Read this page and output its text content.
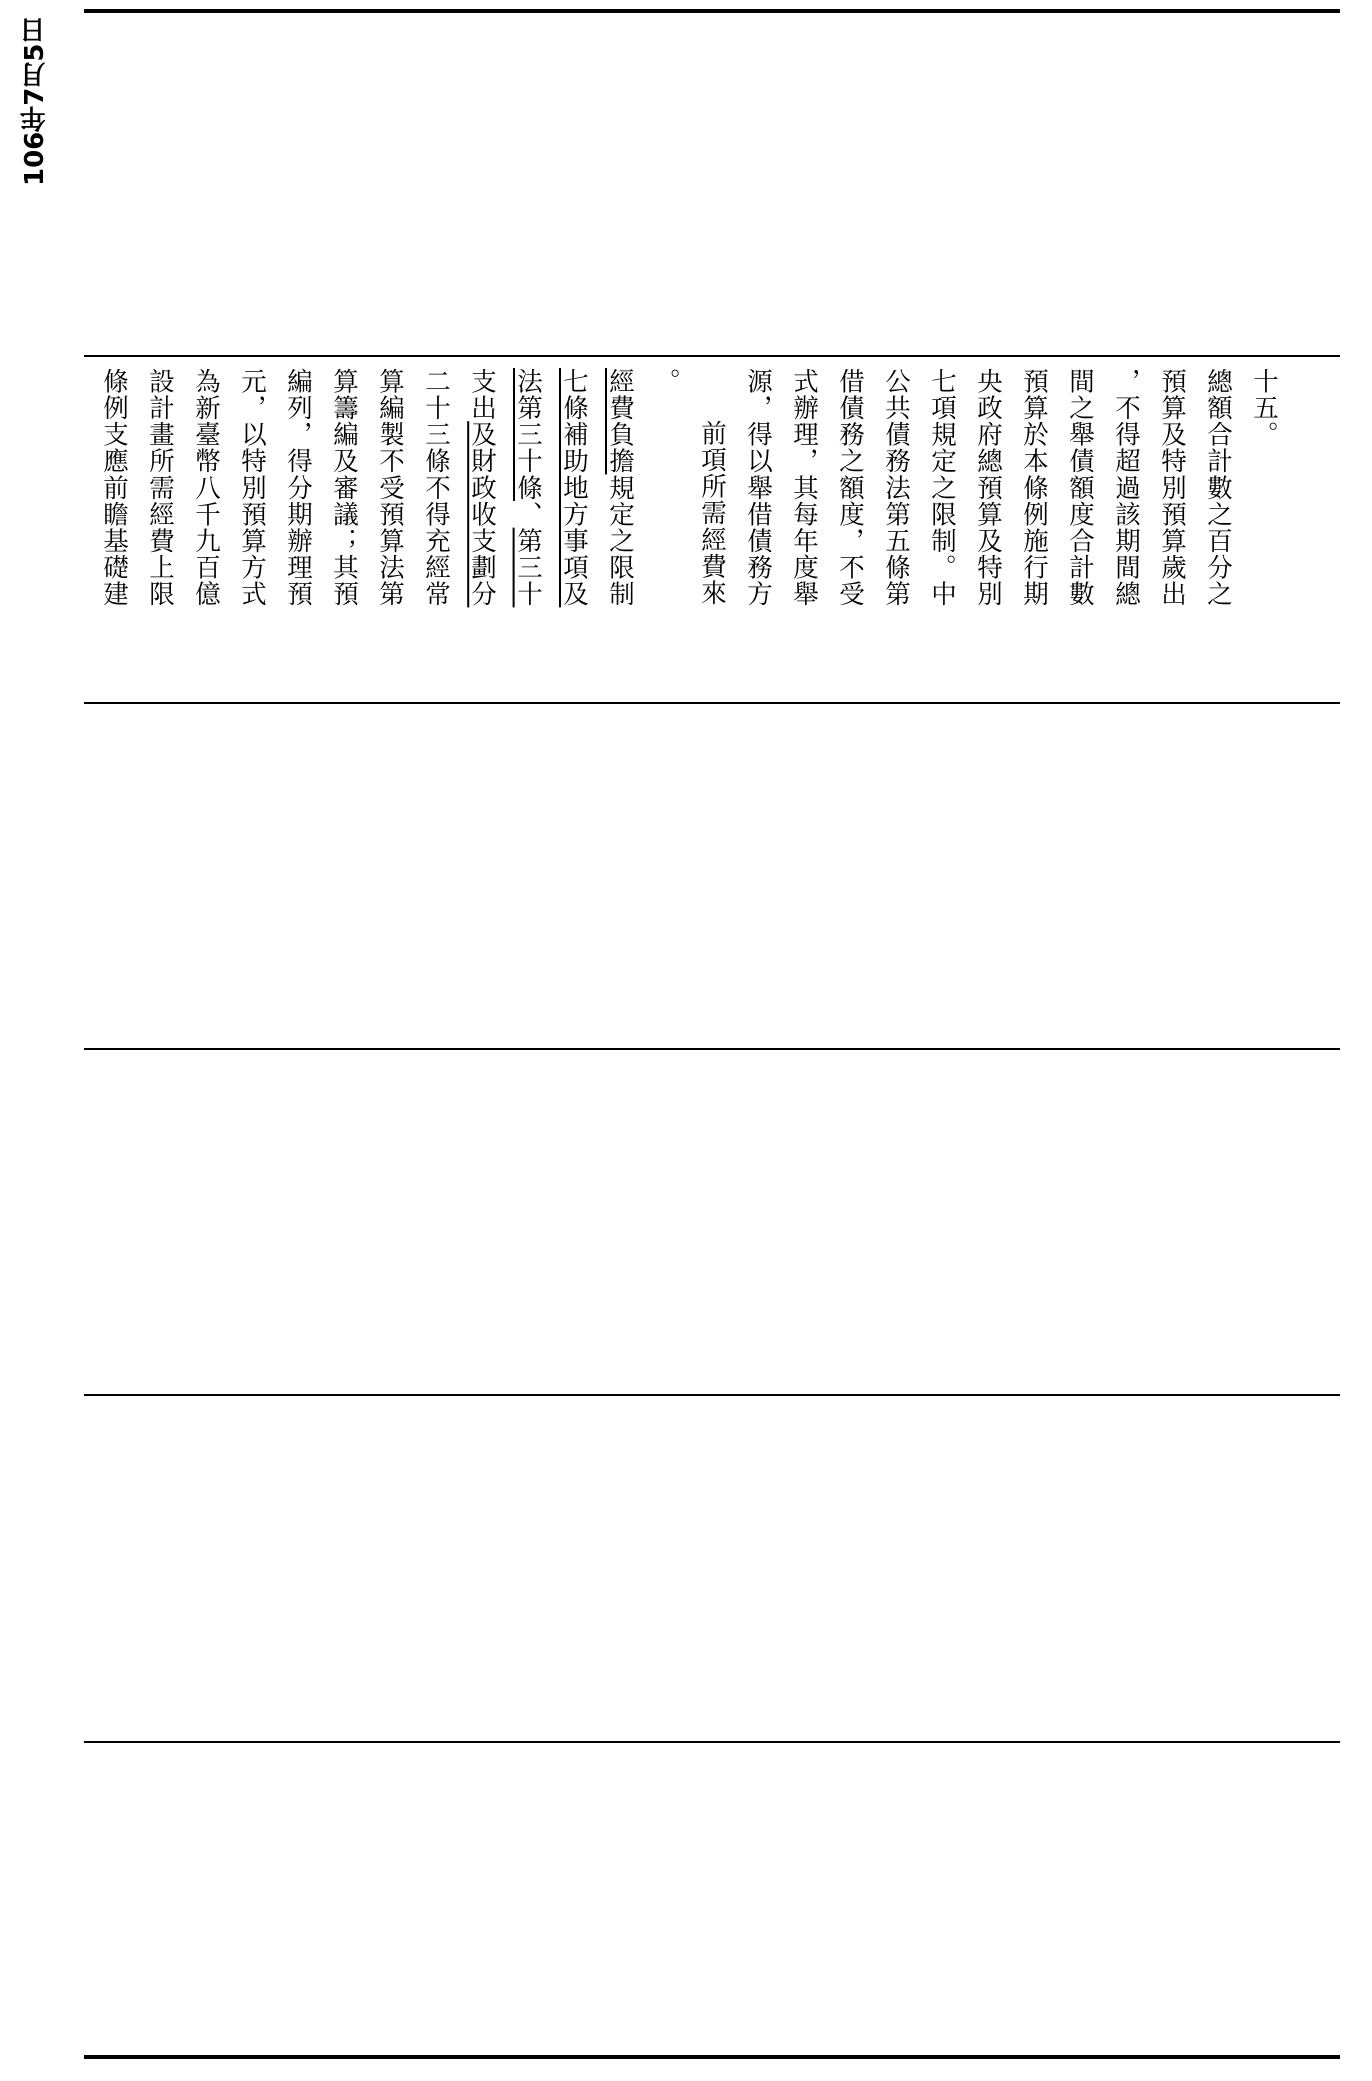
106年7月5日
條例支應前瞻基礎建 設計畫所需經費上限 為新臺幣八千九百億 元，以特別預算方式 編列，得分期辦理預 算籌編及審議；其預 算編製不受預算法第 二十三條不得充經常 支出及財政收支劃分 法第三十條、第三十 七條補助地方事項及 經費負擔規定之限制
。
前項所需經費來 源，得以舉借債務方 式辦理，其每年度舉 借債務之額度，不受 公共債務法第五條第 七項規定之限制。中 央政府總預算及特別 預算於本條例施行期 間之舉債額度合計數 ，不得超過該期間總 預算及特別預算歲出 總額合計數之百分之 十五。
